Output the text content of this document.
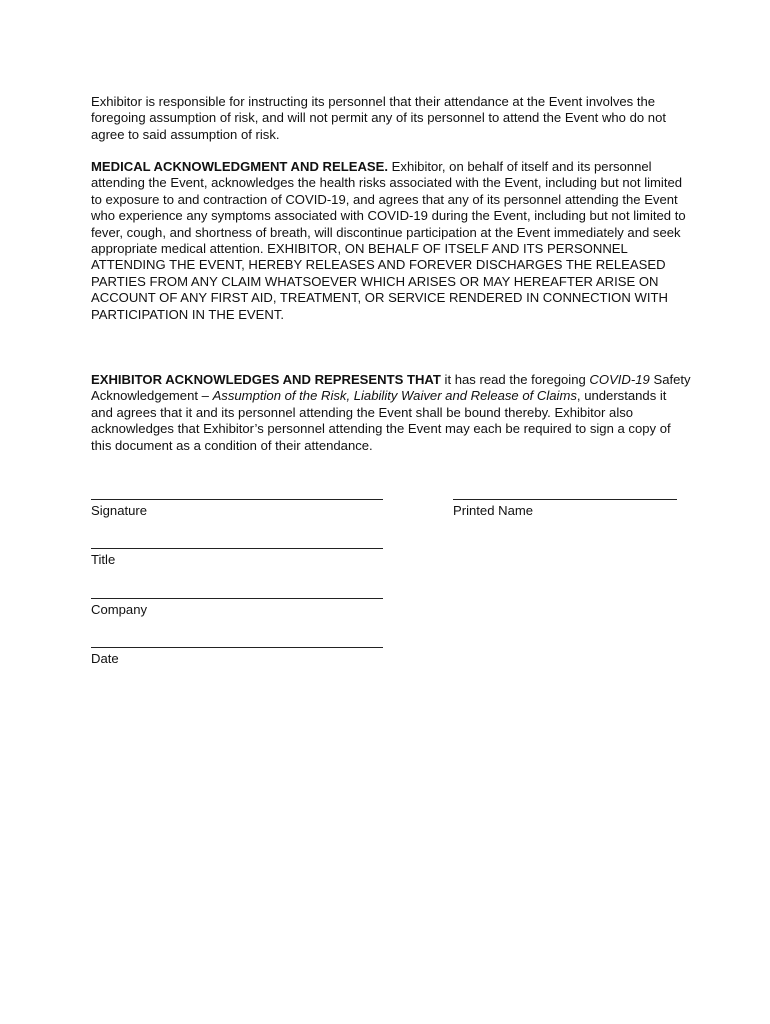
Exhibitor is responsible for instructing its personnel that their attendance at the Event involves the foregoing assumption of risk, and will not permit any of its personnel to attend the Event who do not agree to said assumption of risk.

MEDICAL ACKNOWLEDGMENT AND RELEASE. Exhibitor, on behalf of itself and its personnel attending the Event, acknowledges the health risks associated with the Event, including but not limited to exposure to and contraction of COVID-19, and agrees that any of its personnel attending the Event who experience any symptoms associated with COVID-19 during the Event, including but not limited to fever, cough, and shortness of breath, will discontinue participation at the Event immediately and seek appropriate medical attention. EXHIBITOR, ON BEHALF OF ITSELF AND ITS PERSONNEL ATTENDING THE EVENT, HEREBY RELEASES AND FOREVER DISCHARGES THE RELEASED PARTIES FROM ANY CLAIM WHATSOEVER WHICH ARISES OR MAY HEREAFTER ARISE ON ACCOUNT OF ANY FIRST AID, TREATMENT, OR SERVICE RENDERED IN CONNECTION WITH PARTICIPATION IN THE EVENT.

EXHIBITOR ACKNOWLEDGES AND REPRESENTS THAT it has read the foregoing COVID-19 Safety Acknowledgement – Assumption of the Risk, Liability Waiver and Release of Claims, understands it and agrees that it and its personnel attending the Event shall be bound thereby. Exhibitor also acknowledges that Exhibitor’s personnel attending the Event may each be required to sign a copy of this document as a condition of their attendance.

Signature	Printed Name

Title

Company

Date
